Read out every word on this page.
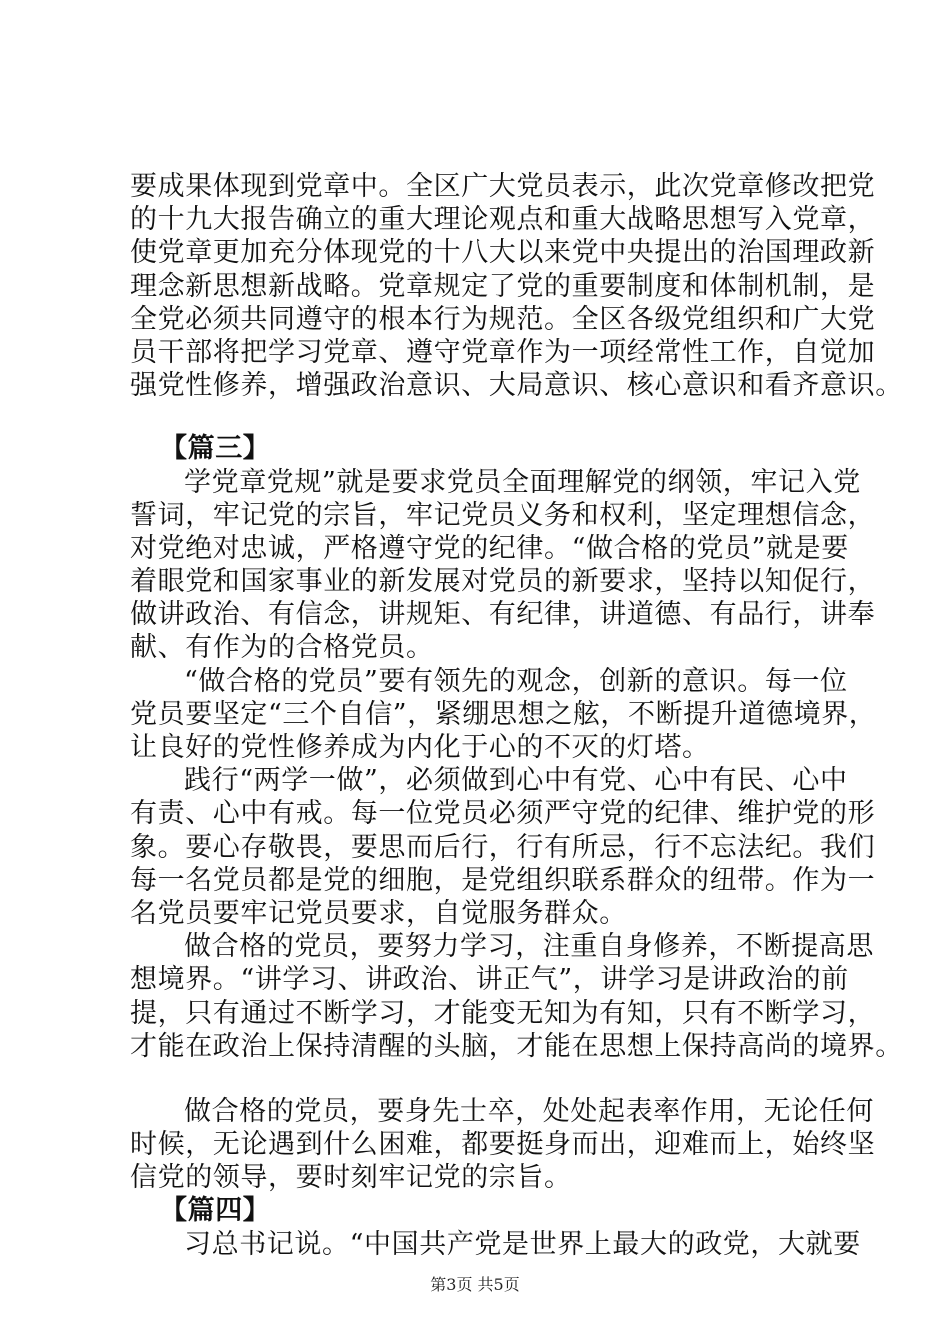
要成果体现到党章中。全区广大党员表示，此次党章修改把党
的十九大报告确立的重大理论观点和重大战略思想写入党章，
使党章更加充分体现党的十八大以来党中央提出的治国理政新
理念新思想新战略。党章规定了党的重要制度和体制机制，是
全党必须共同遵守的根本行为规范。全区各级党组织和广大党
员干部将把学习党章、遵守党章作为一项经常性工作，自觉加
强党性修养，增强政治意识、大局意识、核心意识和看齐意识。
【篇三】
学党章党规”就是要求党员全面理解党的纲领，牢记入党
誓词，牢记党的宗旨，牢记党员义务和权利，坚定理想信念，
对党绝对忠诚，严格遵守党的纪律。“做合格的党员”就是要
着眼党和国家事业的新发展对党员的新要求，坚持以知促行，
做讲政治、有信念，讲规矩、有纪律，讲道德、有品行，讲奉
献、有作为的合格党员。
“做合格的党员”要有领先的观念，创新的意识。每一位
党员要坚定“三个自信”，紧绷思想之舷，不断提升道德境界，
让良好的党性修养成为内化于心的不灭的灯塔。
践行“两学一做”，必须做到心中有党、心中有民、心中
有责、心中有戒。每一位党员必须严守党的纪律、维护党的形
象。要心存敬畏，要思而后行，行有所忌，行不忘法纪。我们
每一名党员都是党的细胞，是党组织联系群众的纽带。作为一
名党员要牢记党员要求，自觉服务群众。
做合格的党员，要努力学习，注重自身修养，不断提高思
想境界。“讲学习、讲政治、讲正气”，讲学习是讲政治的前
提，只有通过不断学习，才能变无知为有知，只有不断学习，
才能在政治上保持清醒的头脑，才能在思想上保持高尚的境界。
做合格的党员，要身先士卒，处处起表率作用，无论任何
时候，无论遇到什么困难，都要挺身而出，迎难而上，始终坚
信党的领导，要时刻牢记党的宗旨。
【篇四】
习总书记说。“中国共产党是世界上最大的政党，大就要
第3页 共5页
